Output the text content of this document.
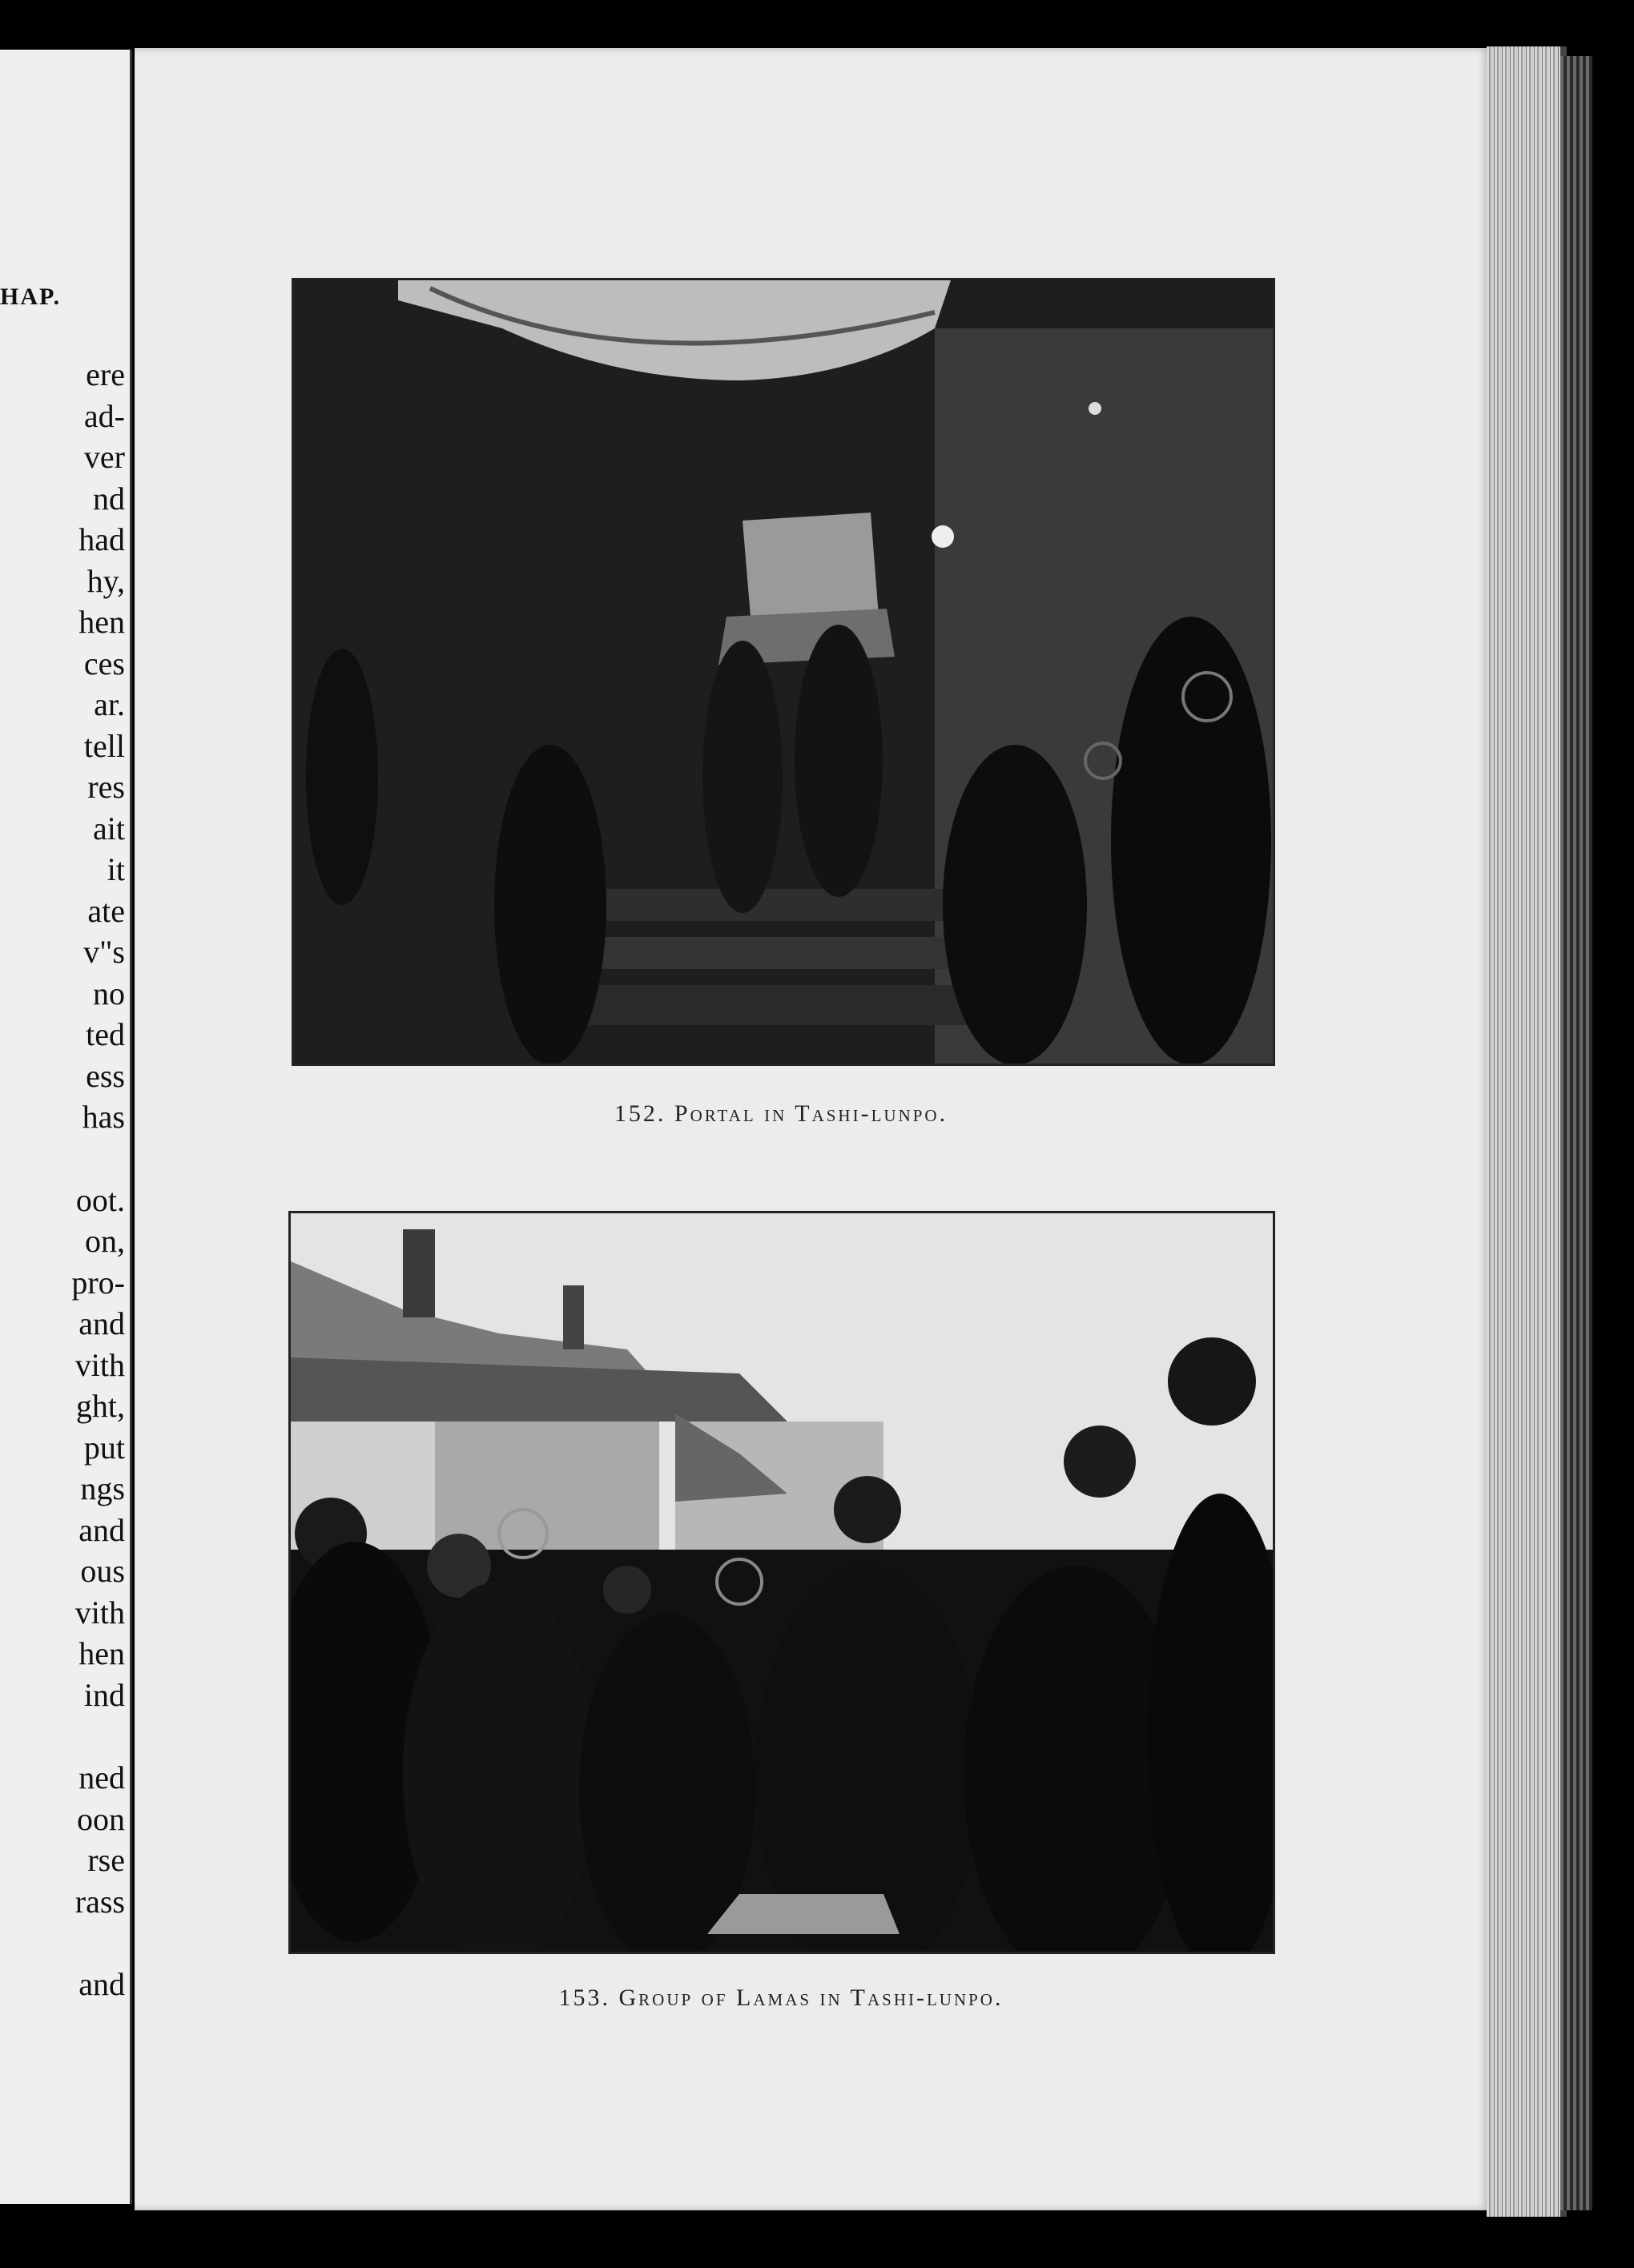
HAP.
ere
ad-
ver
nd
had
hy,
hen
ces
ar.
tell
res
ait
it
ate
v"s
no
ted
ess
has
oot.
on,
pro-
and
vith
ght,
put
ngs
and
ous
vith
hen
ind
ned
oon
rse
rass
and
152. Portal in Tashi-lunpo.
153. Group of Lamas in Tashi-lunpo.
